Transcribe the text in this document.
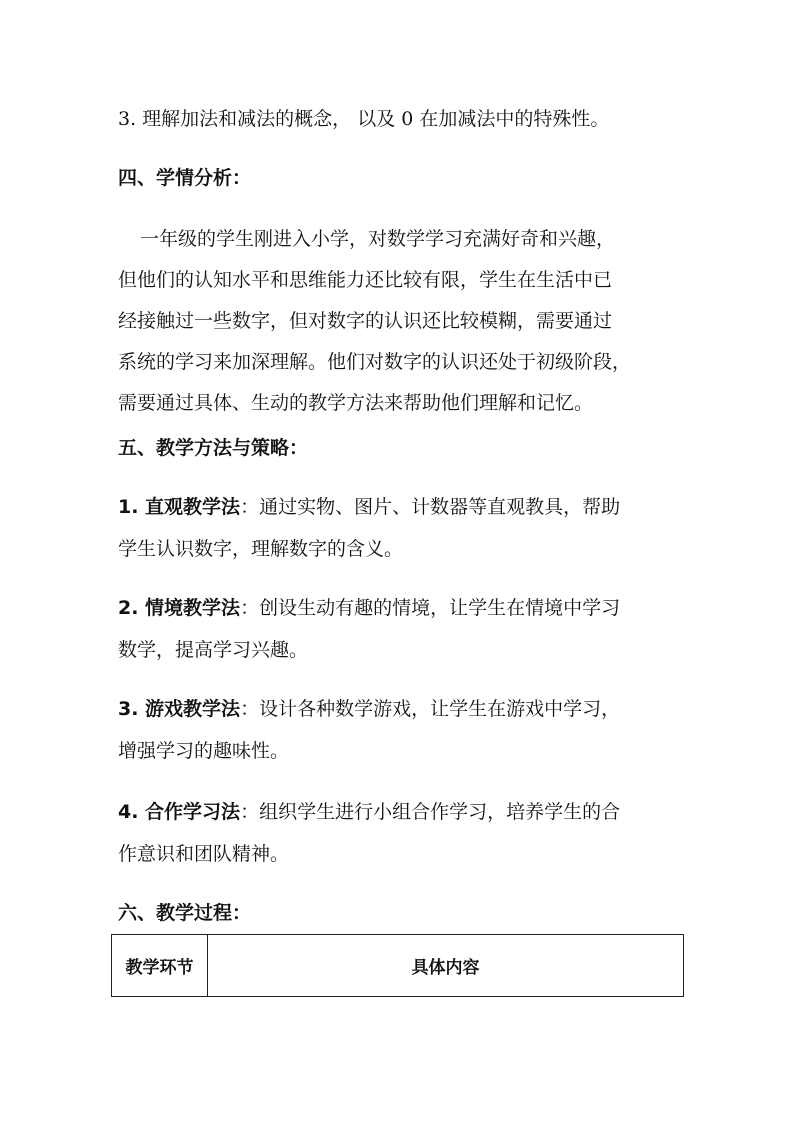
3. 理解加法和减法的概念， 以及 0 在加减法中的特殊性。
四、学情分析：
一年级的学生刚进入小学，对数学学习充满好奇和兴趣，
但他们的认知水平和思维能力还比较有限，学生在生活中已
经接触过一些数字，但对数字的认识还比较模糊，需要通过
系统的学习来加深理解。他们对数字的认识还处于初级阶段，
需要通过具体、生动的教学方法来帮助他们理解和记忆。
五、教学方法与策略：
1. 直观教学法：通过实物、图片、计数器等直观教具，帮助
学生认识数字，理解数字的含义。
2. 情境教学法：创设生动有趣的情境，让学生在情境中学习
数学，提高学习兴趣。
3. 游戏教学法：设计各种数学游戏，让学生在游戏中学习，
增强学习的趣味性。
4. 合作学习法：组织学生进行小组合作学习，培养学生的合
作意识和团队精神。
六、教学过程：
教学环节	具体内容
